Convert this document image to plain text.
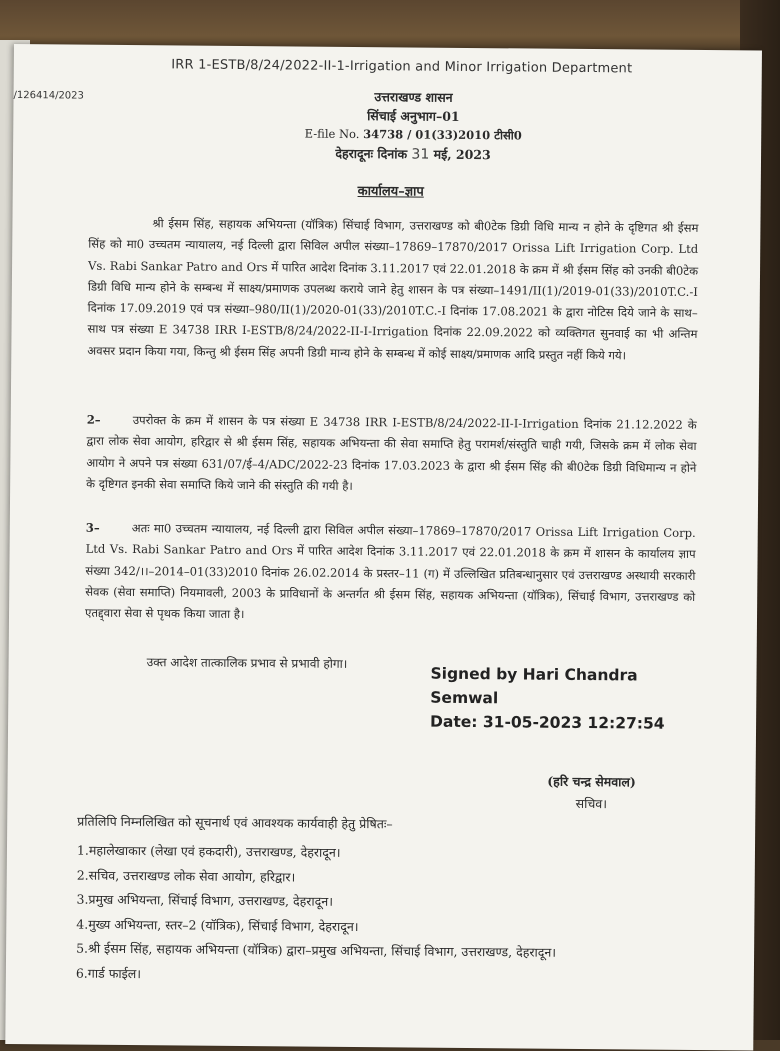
/126414/2023
IRR 1-ESTB/8/24/2022-II-1-Irrigation and Minor Irrigation Department
उत्तराखण्ड शासन
सिंचाई अनुभाग–01
E-file No. 34738 / 01(33)2010 टीसी0
देहरादूनः दिनांक 31 मई, 2023
कार्यालय–ज्ञाप
श्री ईसम सिंह, सहायक अभियन्ता (यॉत्रिक) सिंचाई विभाग, उत्तराखण्ड को बी0टेक डिग्री विधि मान्य न होने के दृष्टिगत श्री ईसम सिंह को मा0 उच्चतम न्यायालय, नई दिल्ली द्वारा सिविल अपील संख्या–17869–17870/2017 Orissa Lift Irrigation Corp. Ltd Vs. Rabi Sankar Patro and Ors में पारित आदेश दिनांक 3.11.2017 एवं 22.01.2018 के क्रम में श्री ईसम सिंह को उनकी बी0टेक डिग्री विधि मान्य होने के सम्बन्ध में साक्ष्य/प्रमाणक उपलब्ध कराये जाने हेतु शासन के पत्र संख्या–1491/II(1)/2019-01(33)/2010T.C.-I दिनांक 17.09.2019 एवं पत्र संख्या–980/II(1)/2020-01(33)/2010T.C.-I दिनांक 17.08.2021 के द्वारा नोटिस दिये जाने के साथ–साथ पत्र संख्या E 34738 IRR I-ESTB/8/24/2022-II-I-Irrigation दिनांक 22.09.2022 को व्यक्तिगत सुनवाई का भी अन्तिम अवसर प्रदान किया गया, किन्तु श्री ईसम सिंह अपनी डिग्री मान्य होने के सम्बन्ध में कोई साक्ष्य/प्रमाणक आदि प्रस्तुत नहीं किये गये।
2–	उपरोक्त के क्रम में शासन के पत्र संख्या E 34738 IRR I-ESTB/8/24/2022-II-I-Irrigation दिनांक 21.12.2022 के द्वारा लोक सेवा आयोग, हरिद्वार से श्री ईसम सिंह, सहायक अभियन्ता की सेवा समाप्ति हेतु परामर्श/संस्तुति चाही गयी, जिसके क्रम में लोक सेवा आयोग ने अपने पत्र संख्या 631/07/ई–4/ADC/2022-23 दिनांक 17.03.2023 के द्वारा श्री ईसम सिंह की बी0टेक डिग्री विधिमान्य न होने के दृष्टिगत इनकी सेवा समाप्ति किये जाने की संस्तुति की गयी है।
3–	अतः मा0 उच्चतम न्यायालय, नई दिल्ली द्वारा सिविल अपील संख्या–17869–17870/2017 Orissa Lift Irrigation Corp. Ltd Vs. Rabi Sankar Patro and Ors में पारित आदेश दिनांक 3.11.2017 एवं 22.01.2018 के क्रम में शासन के कार्यालय ज्ञाप संख्या 342/।।–2014–01(33)2010 दिनांक 26.02.2014 के प्रस्तर–11 (ग) में उल्लिखित प्रतिबन्धानुसार एवं उत्तराखण्ड अस्थायी सरकारी सेवक (सेवा समाप्ति) नियमावली, 2003 के प्राविधानों के अन्तर्गत श्री ईसम सिंह, सहायक अभियन्ता (यॉत्रिक), सिंचाई विभाग, उत्तराखण्ड को एतद्द्वारा सेवा से पृथक किया जाता है।
उक्त आदेश तात्कालिक प्रभाव से प्रभावी होगा।
Signed by Hari Chandra
Semwal
Date: 31-05-2023 12:27:54
(हरि चन्द्र सेमवाल)
सचिव।
प्रतिलिपि निम्नलिखित को सूचनार्थ एवं आवश्यक कार्यवाही हेतु प्रेषितः–
1.महालेखाकार (लेखा एवं हकदारी), उत्तराखण्ड, देहरादून।
2.सचिव, उत्तराखण्ड लोक सेवा आयोग, हरिद्वार।
3.प्रमुख अभियन्ता, सिंचाई विभाग, उत्तराखण्ड, देहरादून।
4.मुख्य अभियन्ता, स्तर–2 (यॉत्रिक), सिंचाई विभाग, देहरादून।
5.श्री ईसम सिंह, सहायक अभियन्ता (यॉत्रिक) द्वारा–प्रमुख अभियन्ता, सिंचाई विभाग, उत्तराखण्ड, देहरादून।
6.गार्ड फाईल।
